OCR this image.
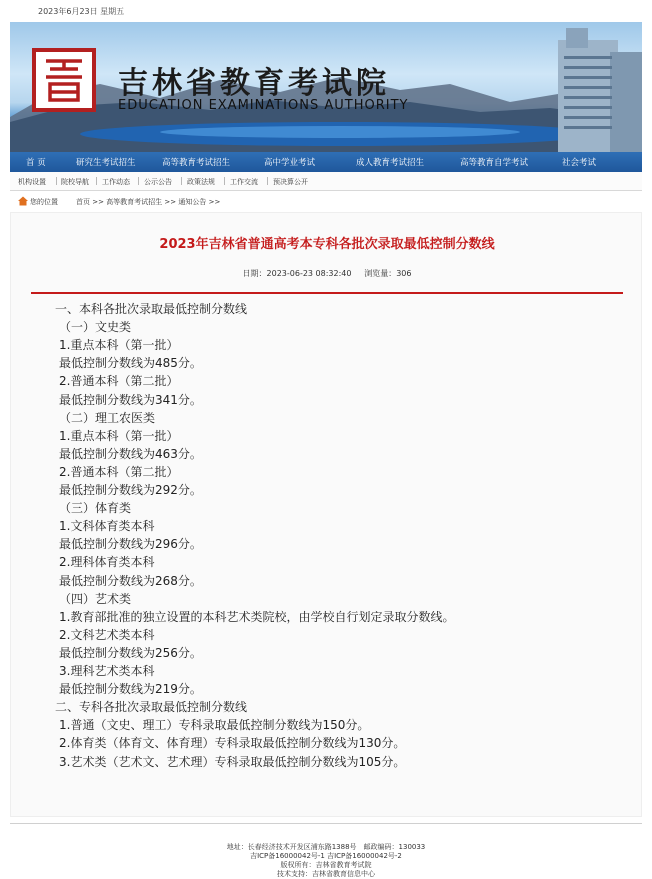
2023年6月23日 星期五
吉林省教育考试院
EDUCATION EXAMINATIONS AUTHORITY
首 页	研究生考试招生	高等教育考试招生	高中学业考试	成人教育考试招生	高等教育自学考试	社会考试
机构设置 | 院校导航 | 工作动态 | 公示公告 | 政策法规 | 工作交流 | 预决算公开
您的位置	首页 >> 高等教育考试招生 >> 通知公告 >>
2023年吉林省普通高考本专科各批次录取最低控制分数线
日期：2023-06-23 08:32:40 浏览量：306
一、本科各批次录取最低控制分数线
（一）文史类
1.重点本科（第一批）
最低控制分数线为485分。
2.普通本科（第二批）
最低控制分数线为341分。
（二）理工农医类
1.重点本科（第一批）
最低控制分数线为463分。
2.普通本科（第二批）
最低控制分数线为292分。
（三）体育类
1.文科体育类本科
最低控制分数线为296分。
2.理科体育类本科
最低控制分数线为268分。
（四）艺术类
1.教育部批准的独立设置的本科艺术类院校，由学校自行划定录取分数线。
2.文科艺术类本科
最低控制分数线为256分。
3.理科艺术类本科
最低控制分数线为219分。
二、专科各批次录取最低控制分数线
1.普通（文史、理工）专科录取最低控制分数线为150分。
2.体育类（体育文、体育理）专科录取最低控制分数线为130分。
3.艺术类（艺术文、艺术理）专科录取最低控制分数线为105分。
地址：长春经济技术开发区浦东路1388号　邮政编码：130033
吉ICP备16000042号-1 吉ICP备16000042号-2
版权所有：吉林省教育考试院
技术支持：吉林省教育信息中心
